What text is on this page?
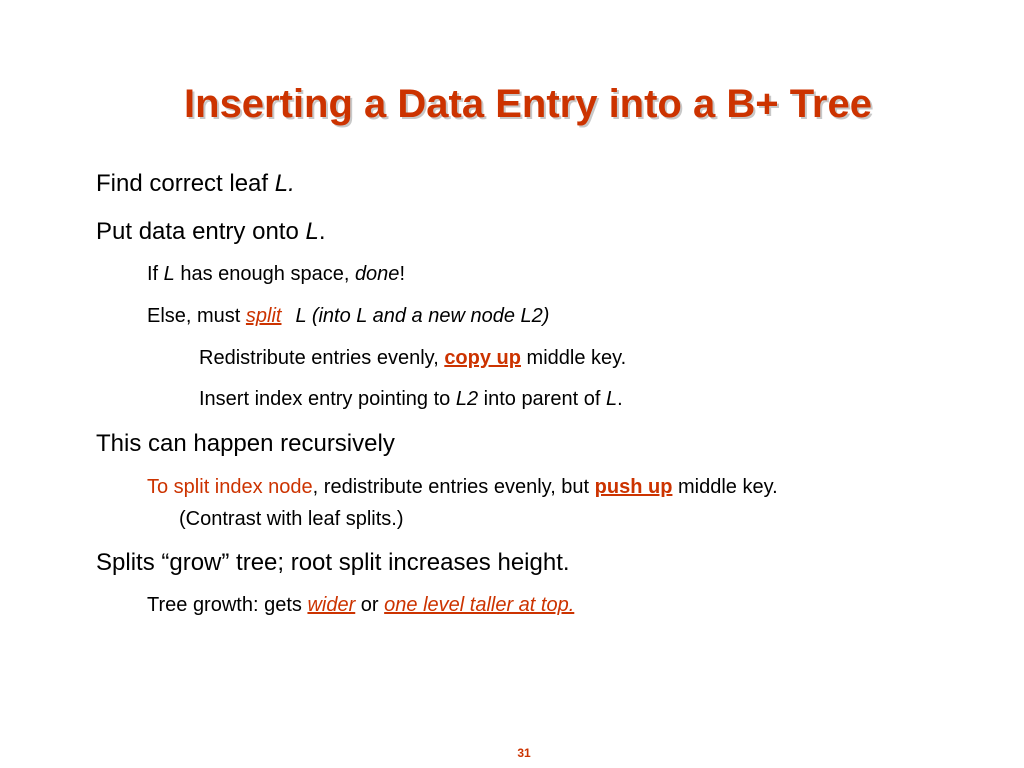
Inserting a Data Entry into a B+ Tree
Find correct leaf L.
Put data entry onto L.
If L has enough space, done!
Else, must split L (into L and a new node L2)
Redistribute entries evenly, copy up middle key.
Insert index entry pointing to L2 into parent of L.
This can happen recursively
To split index node, redistribute entries evenly, but push up middle key.
(Contrast with leaf splits.)
Splits “grow” tree; root split increases height.
Tree growth: gets wider or one level taller at top.
31
